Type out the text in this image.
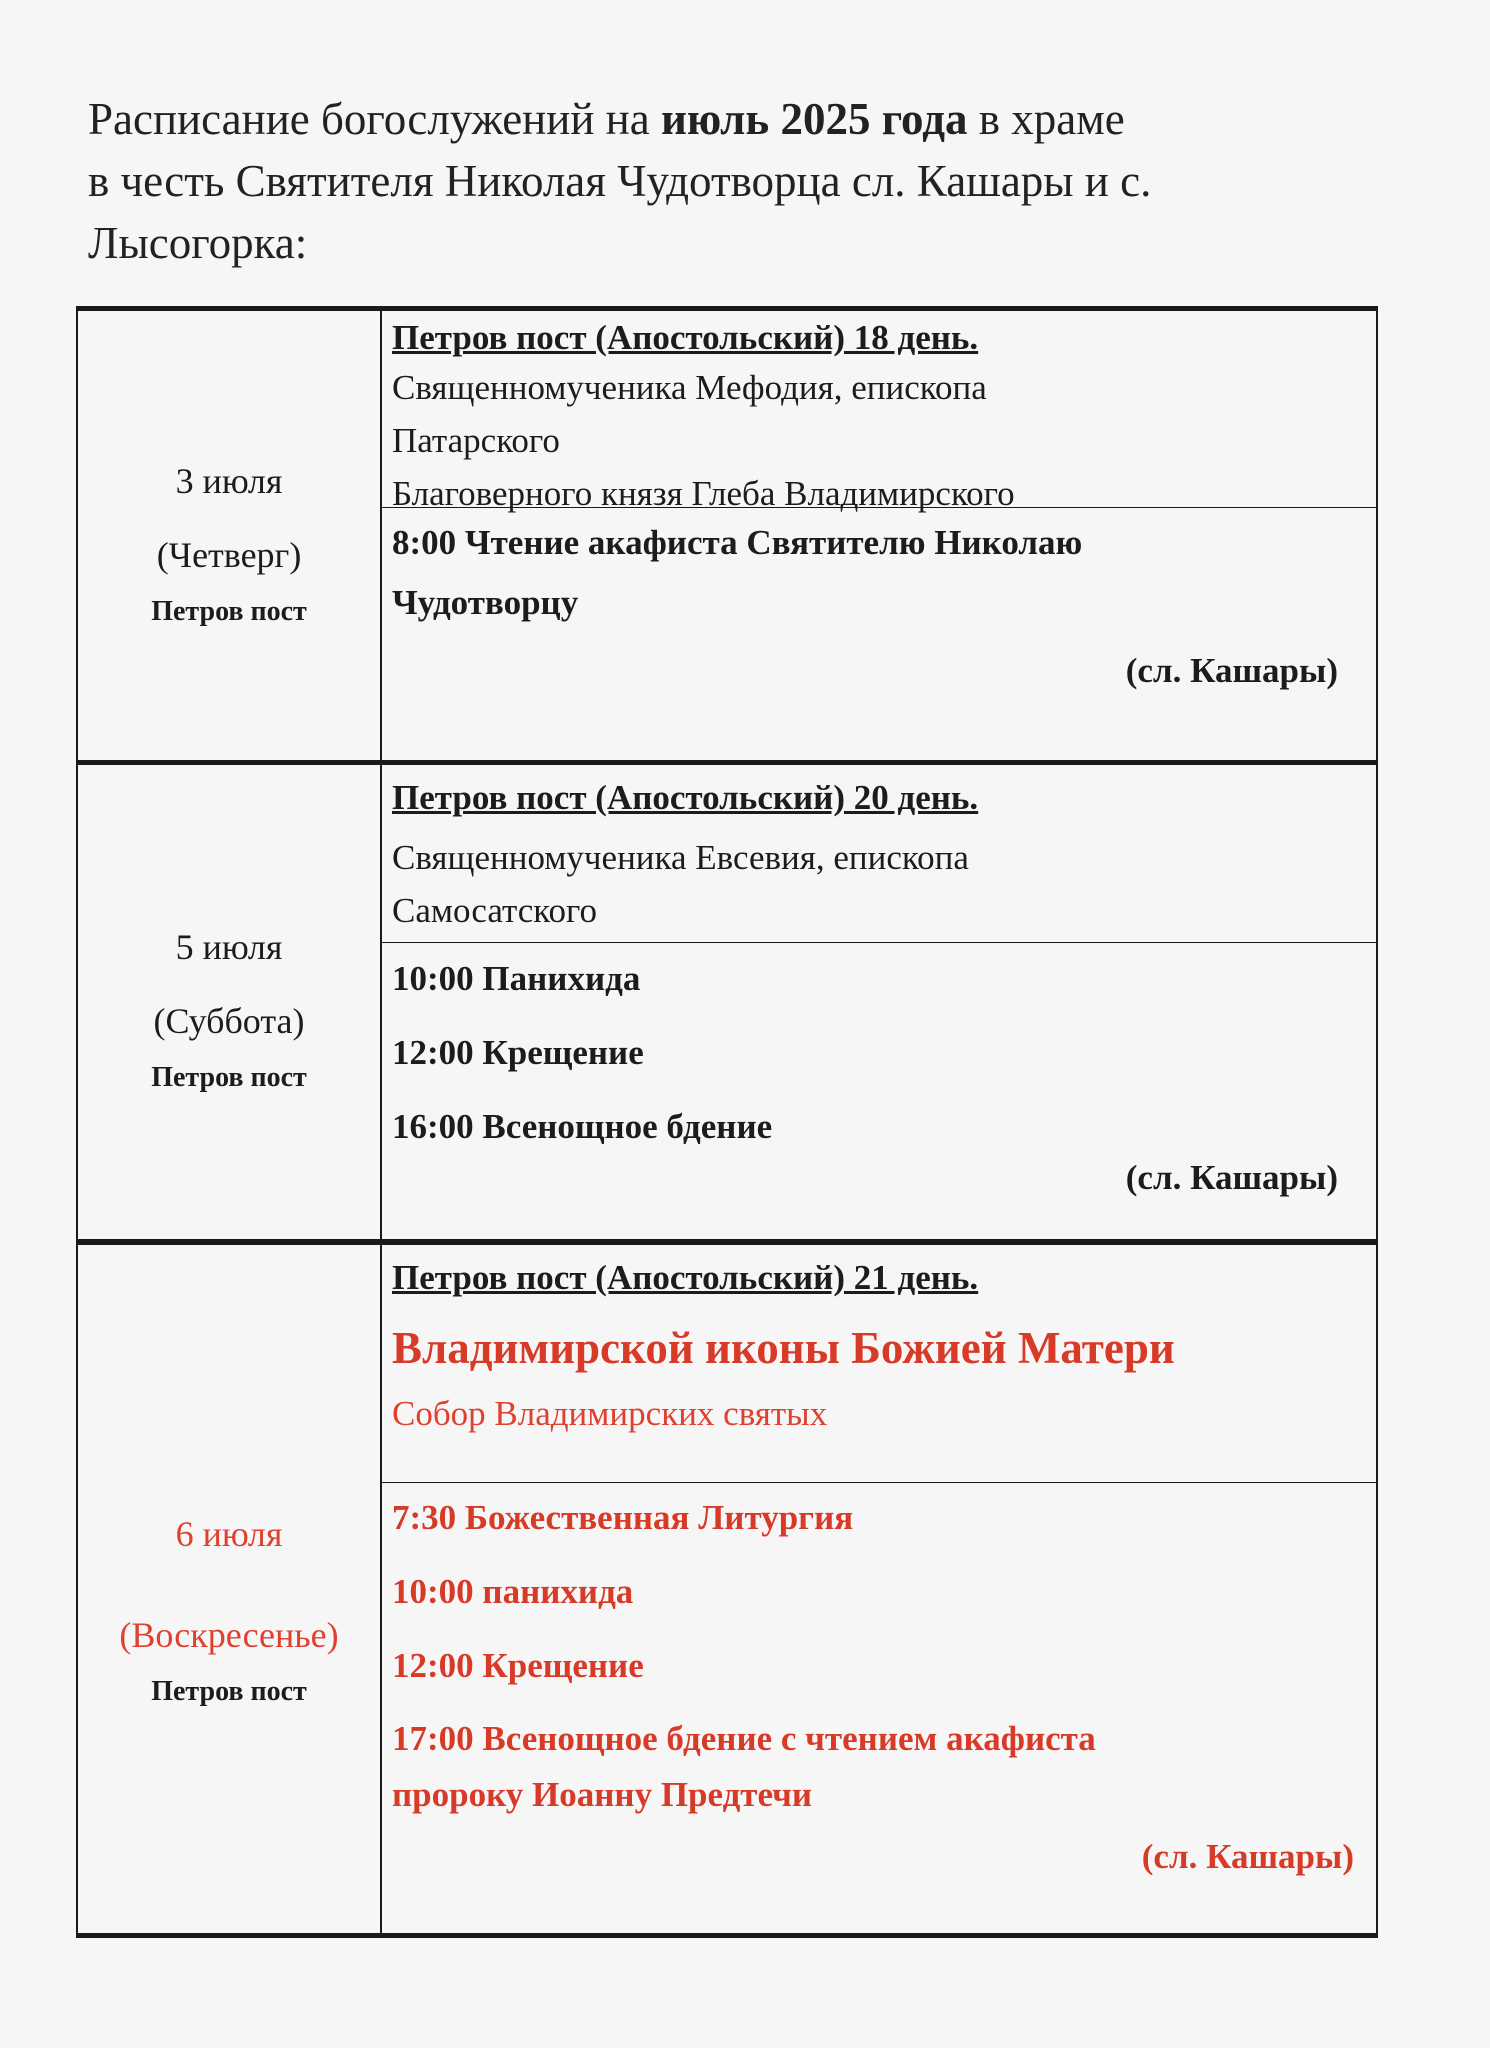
Расписание богослужений на июль 2025 года в храме
в честь Святителя Николая Чудотворца сл. Кашары и с.
Лысогорка:
3 июля
(Четверг)
Петров пост
Петров пост (Апостольский) 18 день.
Священномученика Мефодия, епископа
Патарского
Благоверного князя Глеба Владимирского
8:00 Чтение акафиста Святителю Николаю
Чудотворцу
(сл. Кашары)
5 июля
(Суббота)
Петров пост
Петров пост (Апостольский) 20 день.
Священномученика Евсевия, епископа
Самосатского
10:00 Панихида
12:00 Крещение
16:00 Всенощное бдение
(сл. Кашары)
6 июля
(Воскресенье)
Петров пост
Петров пост (Апостольский) 21 день.
Владимирской иконы Божией Матери
Собор Владимирских святых
7:30 Божественная Литургия
10:00 панихида
12:00 Крещение
17:00 Всенощное бдение с чтением акафиста
пророку Иоанну Предтечи
(сл. Кашары)
